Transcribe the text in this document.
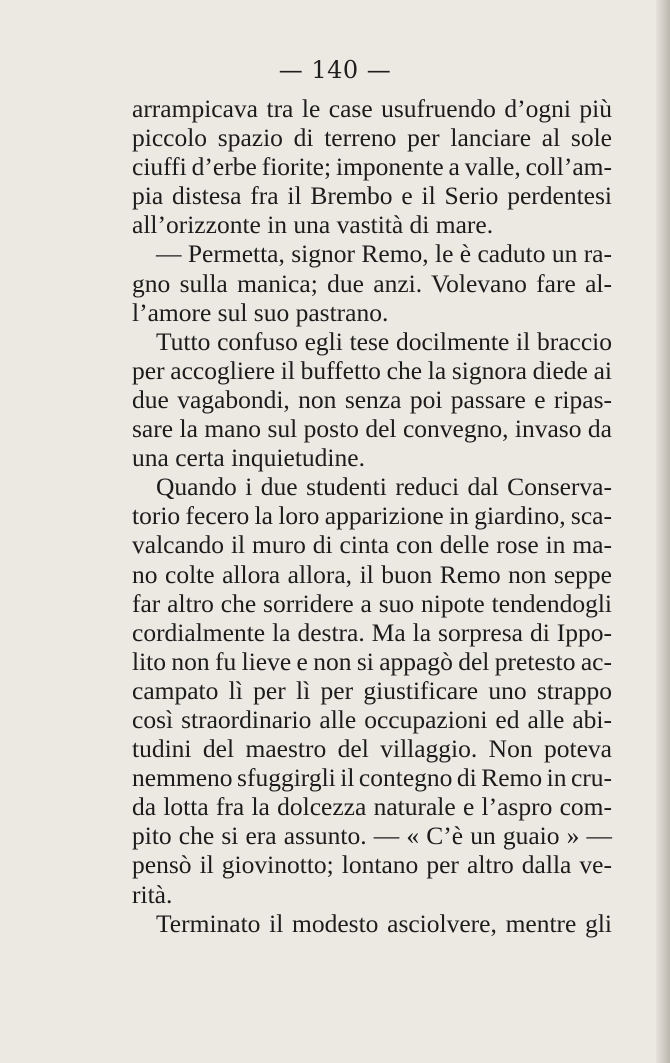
— 140 —

arrampicava tra le case usufruendo d’ogni più
piccolo spazio di terreno per lanciare al sole
ciuffi d’erbe fiorite; imponente a valle, coll’am-
pia distesa fra il Brembo e il Serio perdentesi
all’orizzonte in una vastità di mare.

— Permetta, signor Remo, le è caduto un ra-
gno sulla manica; due anzi. Volevano fare al-
l’amore sul suo pastrano.

Tutto confuso egli tese docilmente il braccio
per accogliere il buffetto che la signora diede ai
due vagabondi, non senza poi passare e ripas-
sare la mano sul posto del convegno, invaso da
una certa inquietudine.

Quando i due studenti reduci dal Conserva-
torio fecero la loro apparizione in giardino, sca-
valcando il muro di cinta con delle rose in ma-
no colte allora allora, il buon Remo non seppe
far altro che sorridere a suo nipote tendendogli
cordialmente la destra. Ma la sorpresa di Ippo-
lito non fu lieve e non si appagò del pretesto ac-
campato lì per lì per giustificare uno strappo
così straordinario alle occupazioni ed alle abi-
tudini del maestro del villaggio. Non poteva
nemmeno sfuggirgli il contegno di Remo in cru-
da lotta fra la dolcezza naturale e l’aspro com-
pito che si era assunto. — « C’è un guaio » —
pensò il giovinotto; lontano per altro dalla ve-
rità.

Terminato il modesto asciolvere, mentre gli
